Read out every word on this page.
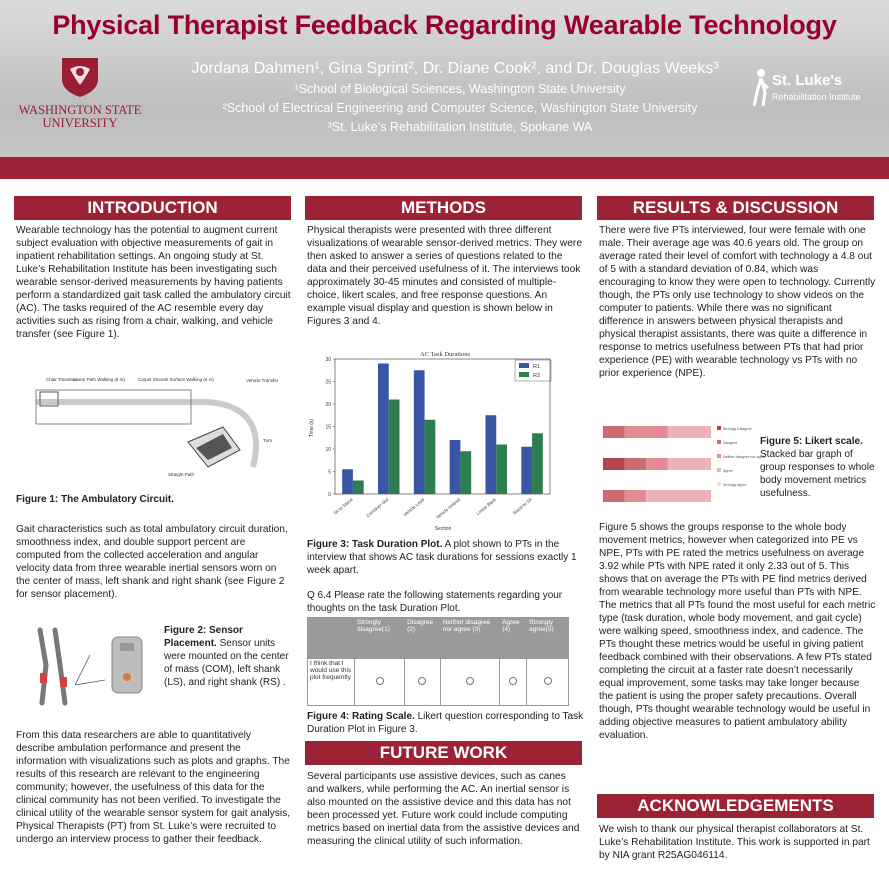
Physical Therapist Feedback Regarding Wearable Technology
WASHINGTON STATE
UNIVERSITY
Jordana Dahmen¹, Gina Sprint², Dr. Diane Cook², and Dr. Douglas Weeks³
¹School of Biological Sciences, Washington State University
²School of Electrical Engineering and Computer Science, Washington State University
³St. Luke’s Rehabilitation Institute, Spokane WA
St. Luke's
Rehabilitation Institute
INTRODUCTION
Wearable technology has the potential to augment current subject evaluation with objective measurements of gait in inpatient rehabilitation settings. An ongoing study at St. Luke’s Rehabilitation Institute has been investigating such wearable sensor-derived measurements by having patients perform a standardized gait task called the ambulatory circuit (AC). The tasks required of the AC resemble every day activities such as rising from a chair, walking, and vehicle transfer (see Figure 1).
Chair Transition
Linear Path Walking (6 m)	Carpet Smooth Surface Walking (6 m)	Vehicle Transfer
Straight Path
Turn
Figure 1: The Ambulatory Circuit.
Gait characteristics such as total ambulatory circuit duration, smoothness index, and double support percent are computed from the collected acceleration and angular velocity data from three wearable inertial sensors worn on the center of mass, left shank and right shank (see Figure 2 for sensor placement).
Figure 2: Sensor Placement. Sensor units were mounted on the center of mass (COM), left shank (LS), and right shank (RS) .
From this data researchers are able to quantitatively describe ambulation performance and present the information with visualizations such as plots and graphs. The results of this research are relevant to the engineering community; however, the usefulness of this data for the clinical community has not been verified. To investigate the clinical utility of the wearable sensor system for gait analysis, Physical Therapists (PT) from St. Luke’s were recruited to undergo an interview process to gather their feedback.
METHODS
Physical therapists were presented with three different visualizations of wearable sensor-derived metrics. They were then asked to answer a series of questions related to the data and their perceived usefulness of it. The interviews took approximately 30-45 minutes and consisted of multiple-choice, likert scales, and free response questions. An example visual display and question is shown below in Figures 3 and 4.
AC Task Durations
Section
Time (s)
0
5
10
15
20
25
30
Sit to Stand	Corridoor Out	Vehicle Load Vehicle Unload	Linear Back	Stand to Sit
R1
R2
Figure 3: Task Duration Plot. A plot shown to PTs in the interview that shows AC task durations for sessions exactly 1 week apart.
Q 6.4 Please rate the following statements regarding your thoughts on the task Duration Plot.
	Strongly disagree(1)	Disagree (2)	Neither disagree nor agree (3)	Agree (4)	Strongly agree(5)
I think that I would use this plot frequently					
Figure 4: Rating Scale. Likert question corresponding to Task Duration Plot in Figure 3.
FUTURE WORK
Several participants use assistive devices, such as canes and walkers, while performing the AC. An inertial sensor is also mounted on the assistive device and this data has not been processed yet. Future work could include computing metrics based on inertial data from the assistive devices and measuring the clinical utility of such information.
RESULTS & DISCUSSION
There were five PTs interviewed, four were female with one male. Their average age was 40.6 years old. The group on average rated their level of comfort with technology a 4.8 out of 5 with a standard deviation of 0.84, which was encouraging to know they were open to technology. Currently though, the PTs only use technology to show videos on the computer to patients. While there was no significant difference in answers between physical therapists and physical therapist assistants, there was quite a difference in response to metrics usefulness between PTs that had prior experience (PE) with wearable technology vs PTs with no prior experience (NPE).
Strongly Disagree
Disagree
Neither disagree nor agree
Agree
Strongly agree
Figure 5: Likert scale. Stacked bar graph of group responses to whole body movement metrics usefulness.
Figure 5 shows the groups response to the whole body movement metrics, however when categorized into PE vs NPE, PTs with PE rated the metrics usefulness on average 3.92 while PTs with NPE rated it only 2.33 out of 5. This shows that on average the PTs with PE find metrics derived from wearable technology more useful than PTs with NPE. The metrics that all PTs found the most useful for each metric type (task duration, whole body movement, and gait cycle) were walking speed, smoothness index, and cadence. The PTs thought these metrics would be useful in giving patient feedback combined with their observations. A few PTs stated completing the circuit at a faster rate doesn’t necessarily equal improvement, some tasks may take longer because the patient is using the proper safety precautions. Overall though, PTs thought wearable technology would be useful in adding objective measures to patient ambulatory ability evaluation.
ACKNOWLEDGEMENTS
We wish to thank our physical therapist collaborators at St. Luke’s Rehabilitation Institute. This work is supported in part by NIA grant R25AG046114.
